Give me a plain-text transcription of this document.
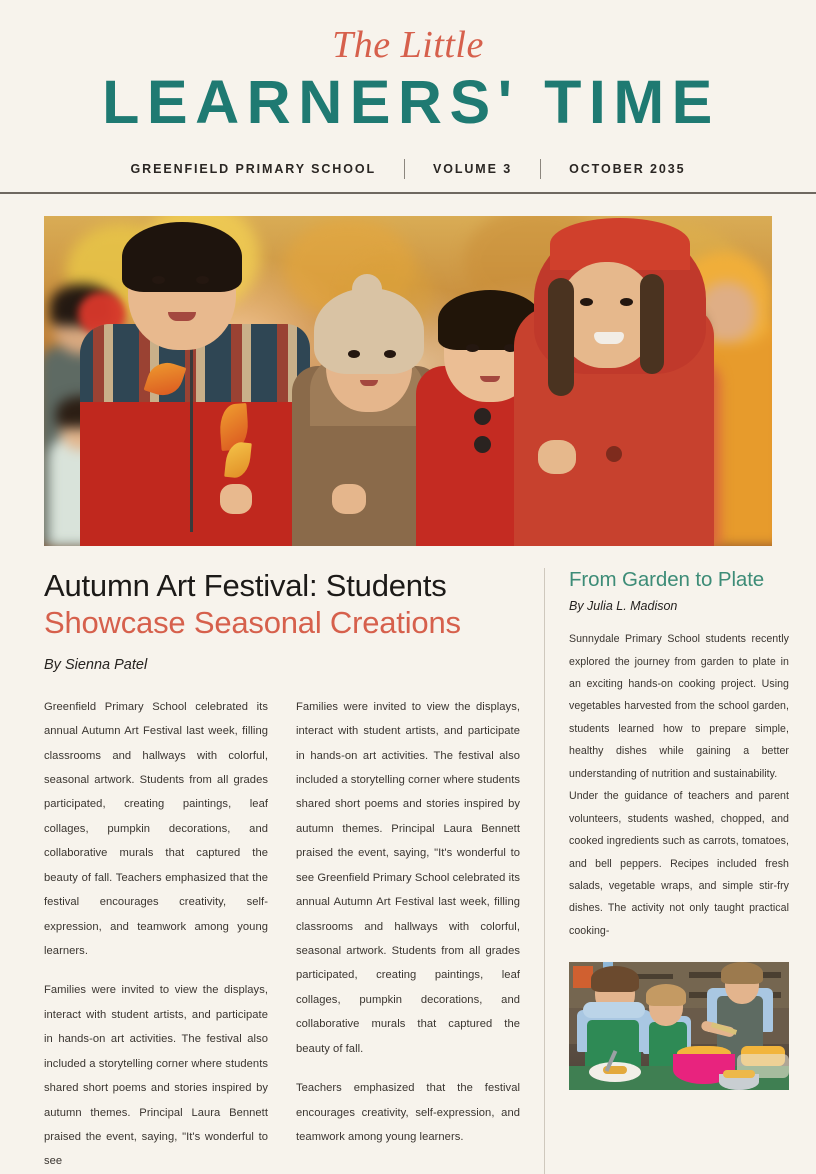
The Little
LEARNERS' TIME
GREENFIELD PRIMARY SCHOOL	VOLUME 3	OCTOBER 2035
Autumn Art Festival: Students
Showcase Seasonal Creations
By Sienna Patel

Greenfield Primary School celebrated its annual Autumn Art Festival last week, filling classrooms and hallways with colorful, seasonal artwork. Students from all grades participated, creating paintings, leaf collages, pumpkin decorations, and collaborative murals that captured the beauty of fall. Teachers emphasized that the festival encourages creativity, self-expression, and teamwork among young learners.

Families were invited to view the displays, interact with student artists, and participate in hands-on art activities. The festival also included a storytelling corner where students shared short poems and stories inspired by autumn themes. Principal Laura Bennett praised the event, saying, "It's wonderful to see

Families were invited to view the displays, interact with student artists, and participate in hands-on art activities. The festival also included a storytelling corner where students shared short poems and stories inspired by autumn themes. Principal Laura Bennett praised the event, saying, "It's wonderful to see Greenfield Primary School celebrated its annual Autumn Art Festival last week, filling classrooms and hallways with colorful, seasonal artwork. Students from all grades participated, creating paintings, leaf collages, pumpkin decorations, and collaborative murals that captured the beauty of fall.

Teachers emphasized that the festival encourages creativity, self-expression, and teamwork among young learners.

From Garden to Plate
By Julia L. Madison

Sunnydale Primary School students recently explored the journey from garden to plate in an exciting hands-on cooking project. Using vegetables harvested from the school garden, students learned how to prepare simple, healthy dishes while gaining a better understanding of nutrition and sustainability.

Under the guidance of teachers and parent volunteers, students washed, chopped, and cooked ingredients such as carrots, tomatoes, and bell peppers. Recipes included fresh salads, vegetable wraps, and simple stir-fry dishes. The activity not only taught practical cooking-
